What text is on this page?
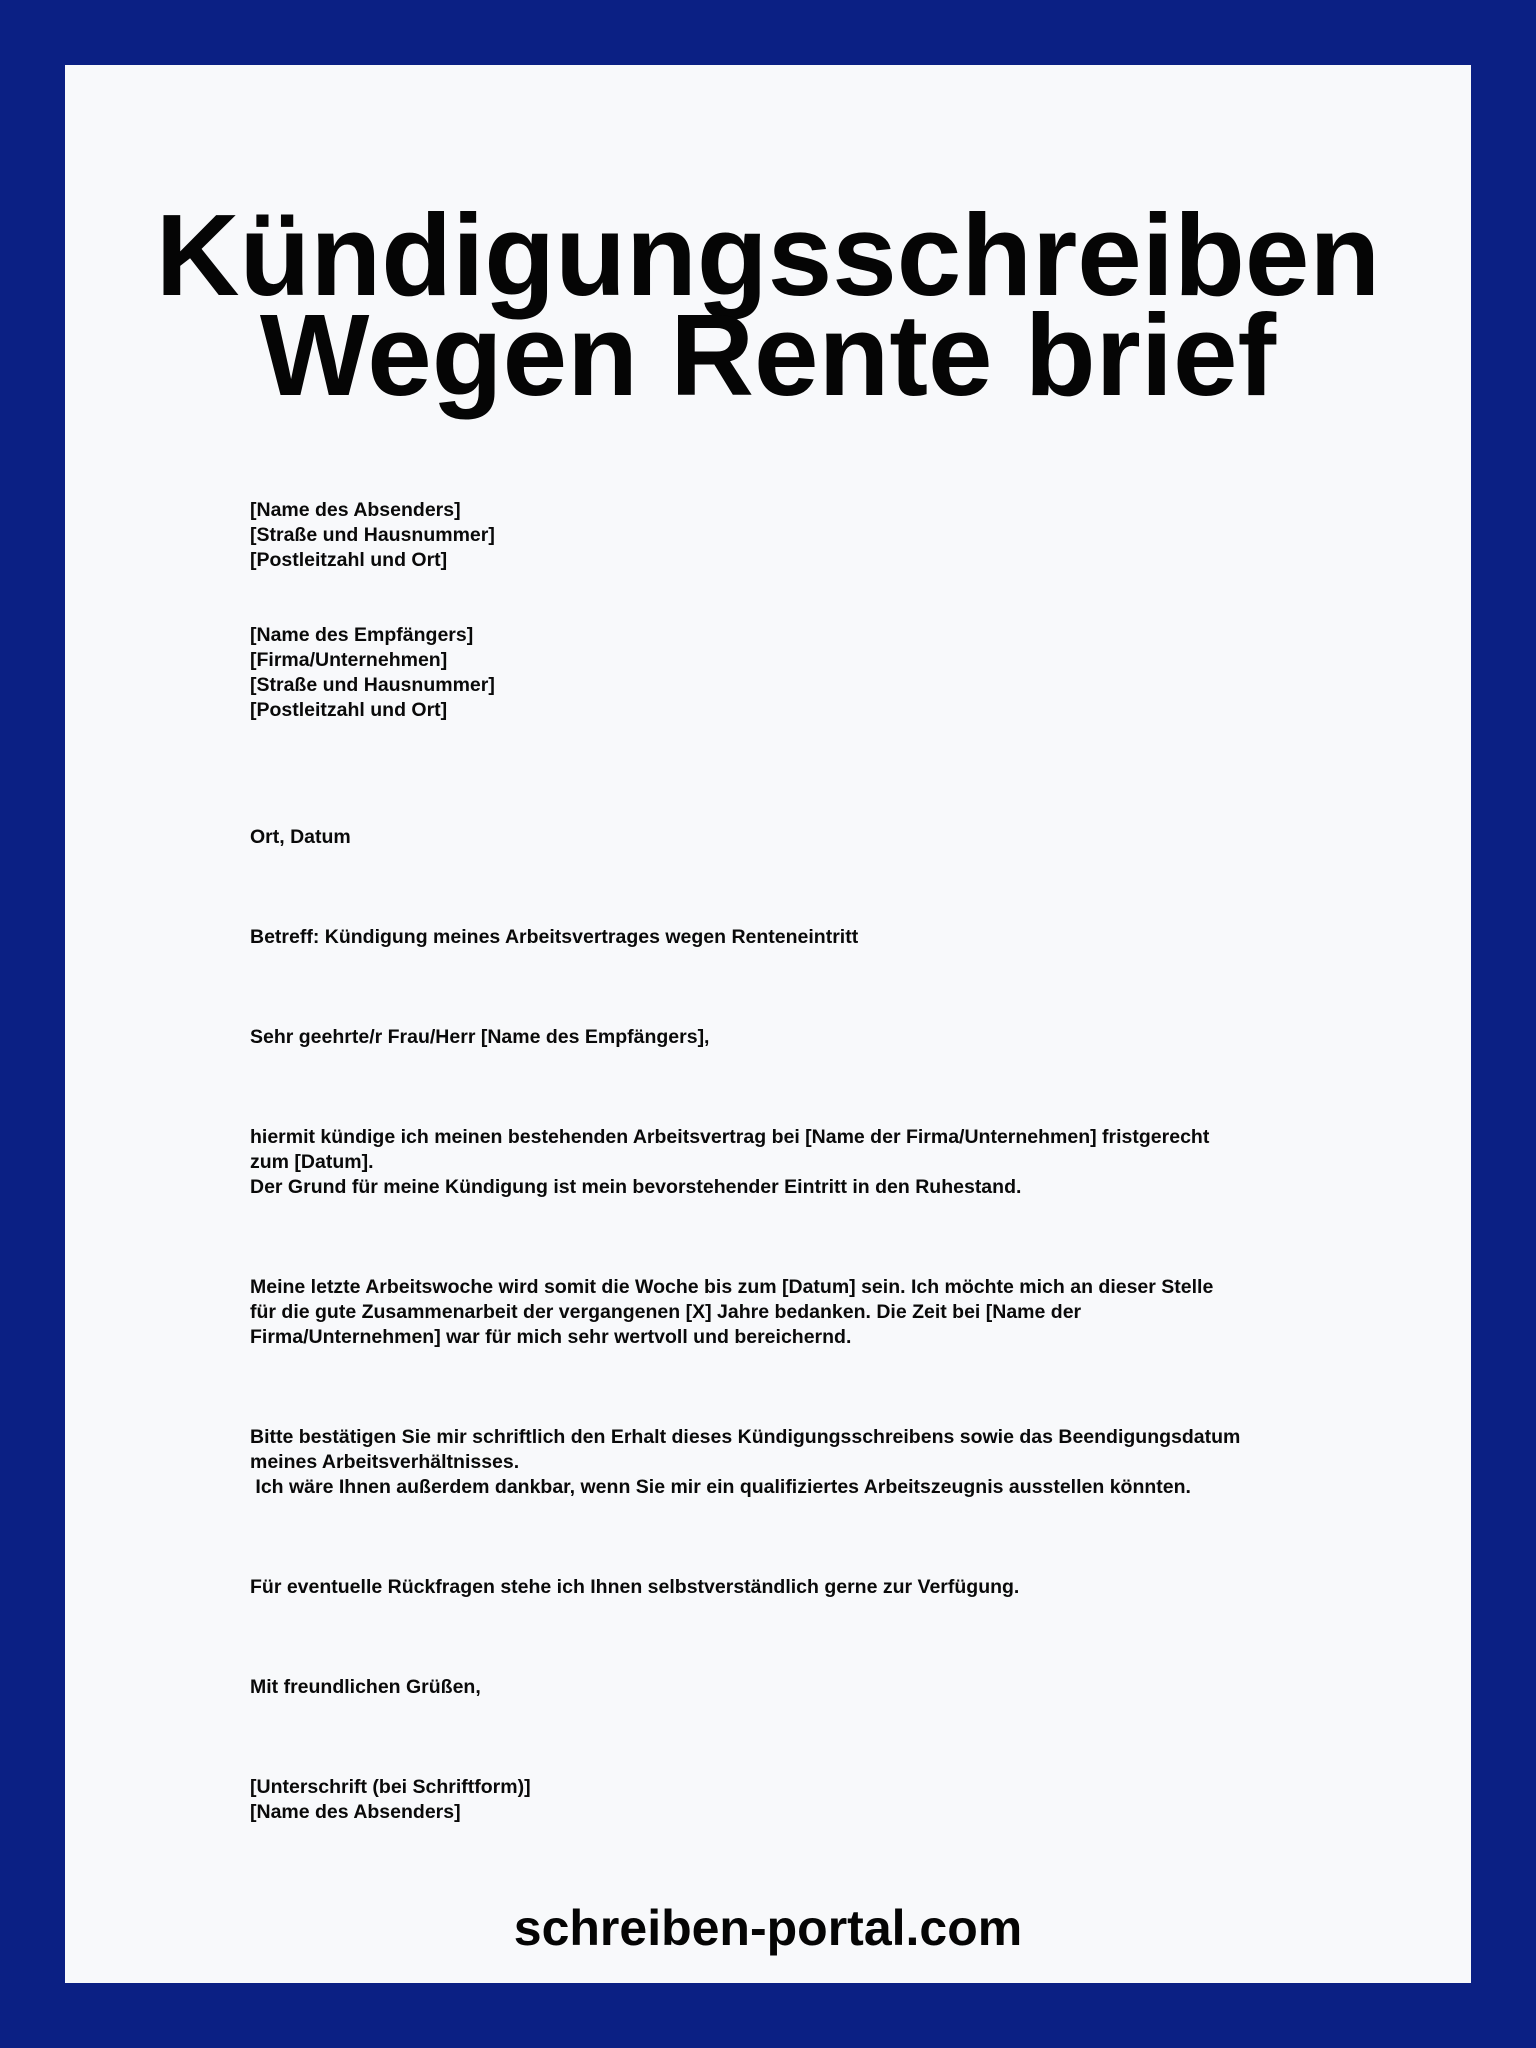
Kündigungsschreiben
Wegen Rente brief
[Name des Absenders]
[Straße und Hausnummer]
[Postleitzahl und Ort]
[Name des Empfängers]
[Firma/Unternehmen]
[Straße und Hausnummer]
[Postleitzahl und Ort]
Ort, Datum
Betreff: Kündigung meines Arbeitsvertrages wegen Renteneintritt
Sehr geehrte/r Frau/Herr [Name des Empfängers],
hiermit kündige ich meinen bestehenden Arbeitsvertrag bei [Name der Firma/Unternehmen] fristgerecht
zum [Datum].
Der Grund für meine Kündigung ist mein bevorstehender Eintritt in den Ruhestand.
Meine letzte Arbeitswoche wird somit die Woche bis zum [Datum] sein. Ich möchte mich an dieser Stelle
für die gute Zusammenarbeit der vergangenen [X] Jahre bedanken. Die Zeit bei [Name der
Firma/Unternehmen] war für mich sehr wertvoll und bereichernd.
Bitte bestätigen Sie mir schriftlich den Erhalt dieses Kündigungsschreibens sowie das Beendigungsdatum
meines Arbeitsverhältnisses.
Ich wäre Ihnen außerdem dankbar, wenn Sie mir ein qualifiziertes Arbeitszeugnis ausstellen könnten.
Für eventuelle Rückfragen stehe ich Ihnen selbstverständlich gerne zur Verfügung.
Mit freundlichen Grüßen,
[Unterschrift (bei Schriftform)]
[Name des Absenders]
schreiben-portal.com
